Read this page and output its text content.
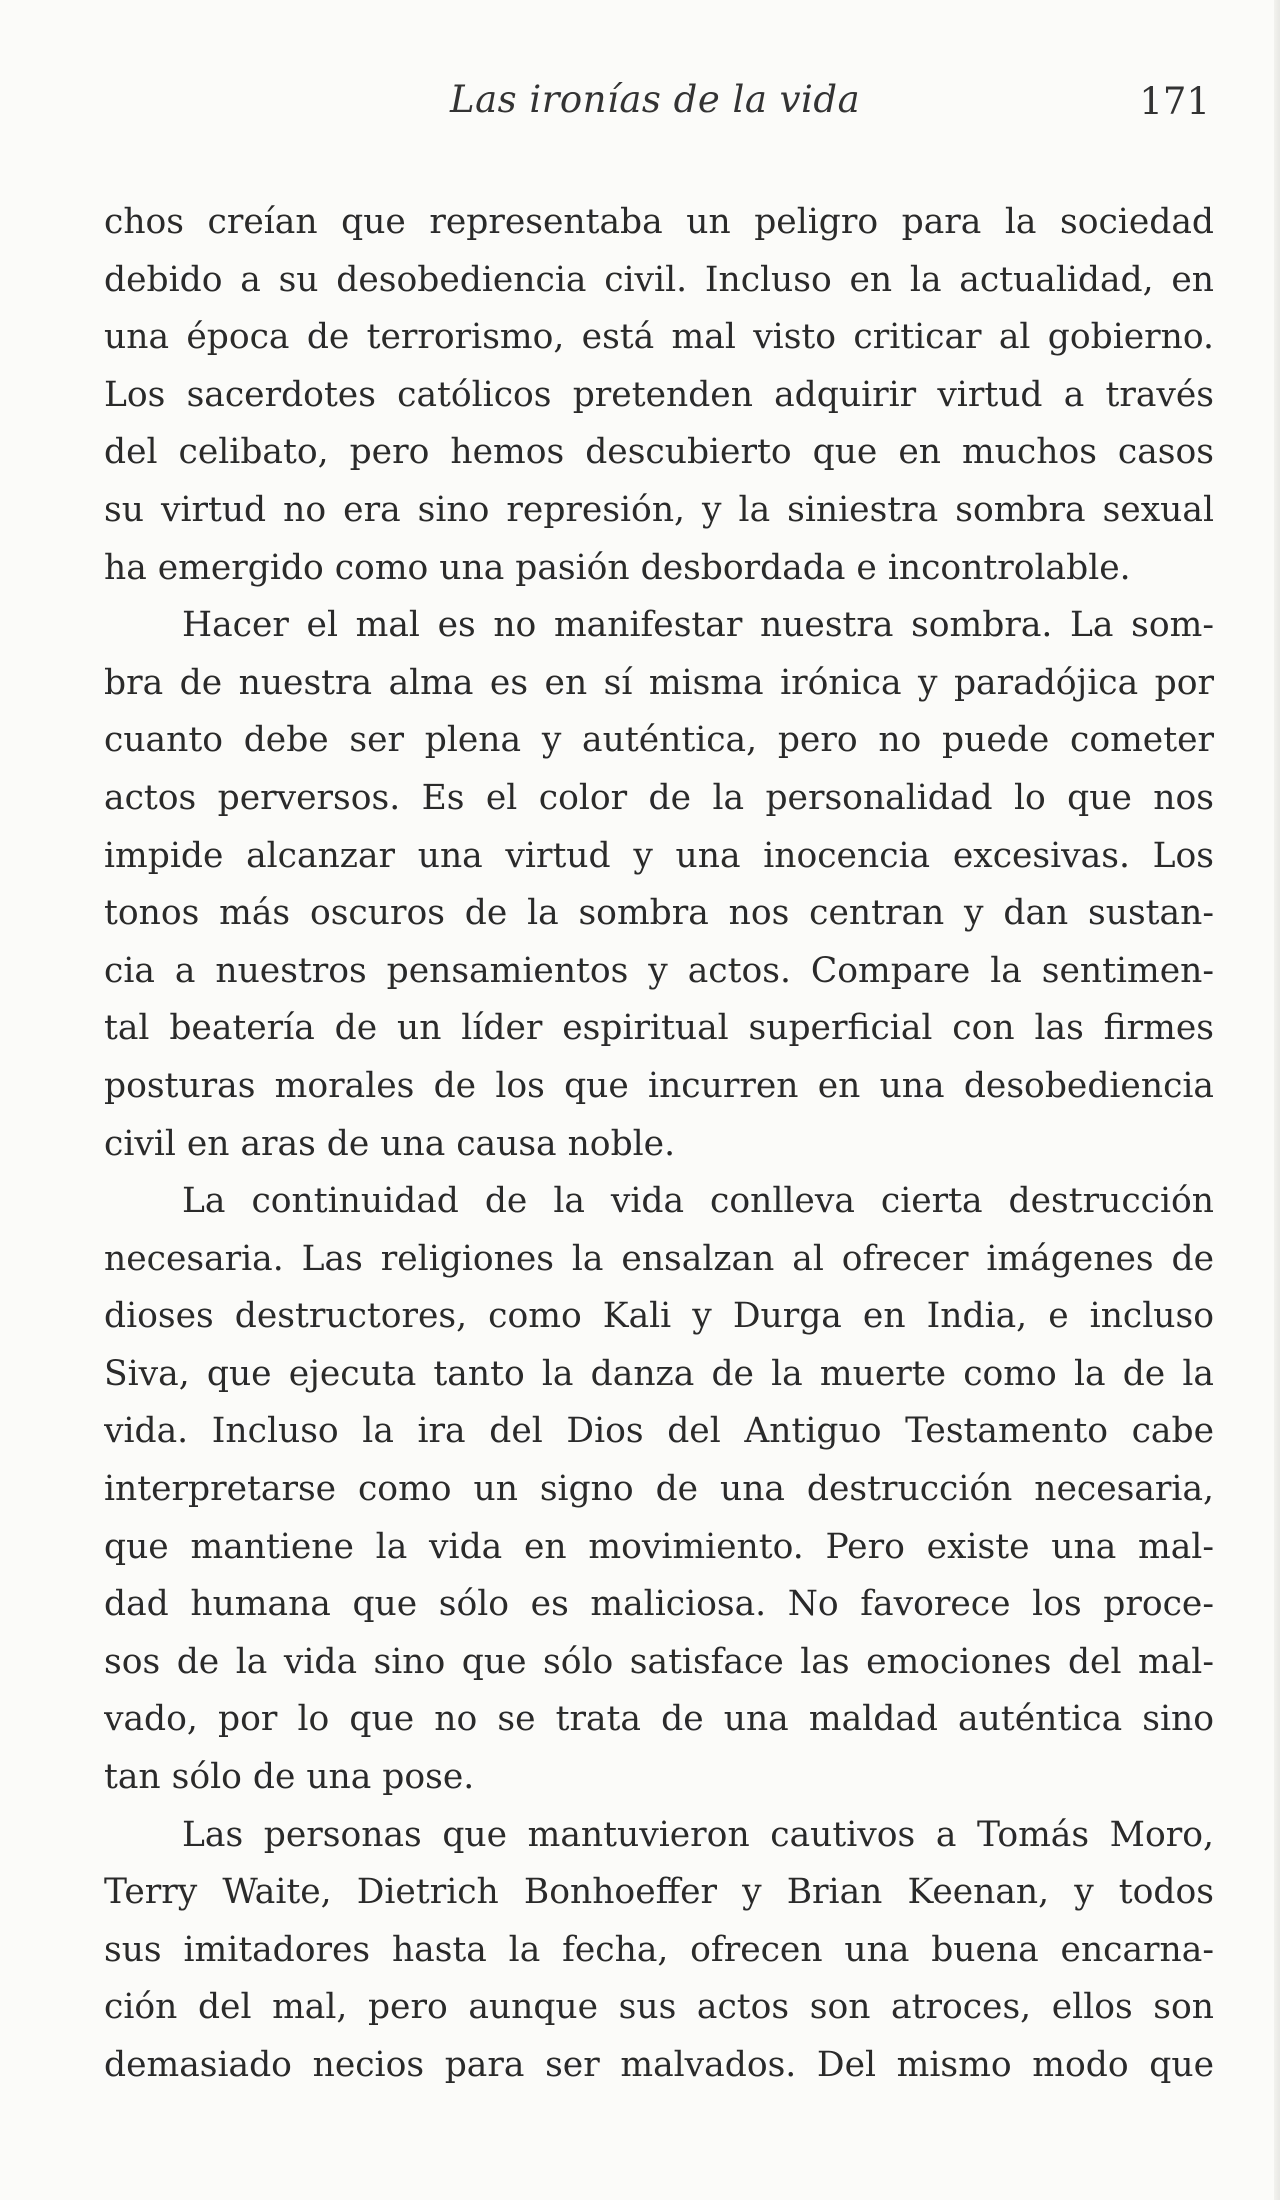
Las ironías de la vida	171
chos creían que representaba un peligro para la sociedad
debido a su desobediencia civil. Incluso en la actualidad, en
una época de terrorismo, está mal visto criticar al gobierno.
Los sacerdotes católicos pretenden adquirir virtud a través
del celibato, pero hemos descubierto que en muchos casos
su virtud no era sino represión, y la siniestra sombra sexual
ha emergido como una pasión desbordada e incontrolable.
Hacer el mal es no manifestar nuestra sombra. La som-
bra de nuestra alma es en sí misma irónica y paradójica por
cuanto debe ser plena y auténtica, pero no puede cometer
actos perversos. Es el color de la personalidad lo que nos
impide alcanzar una virtud y una inocencia excesivas. Los
tonos más oscuros de la sombra nos centran y dan sustan-
cia a nuestros pensamientos y actos. Compare la sentimen-
tal beatería de un líder espiritual superficial con las firmes
posturas morales de los que incurren en una desobediencia
civil en aras de una causa noble.
La continuidad de la vida conlleva cierta destrucción
necesaria. Las religiones la ensalzan al ofrecer imágenes de
dioses destructores, como Kali y Durga en India, e incluso
Siva, que ejecuta tanto la danza de la muerte como la de la
vida. Incluso la ira del Dios del Antiguo Testamento cabe
interpretarse como un signo de una destrucción necesaria,
que mantiene la vida en movimiento. Pero existe una mal-
dad humana que sólo es maliciosa. No favorece los proce-
sos de la vida sino que sólo satisface las emociones del mal-
vado, por lo que no se trata de una maldad auténtica sino
tan sólo de una pose.
Las personas que mantuvieron cautivos a Tomás Moro,
Terry Waite, Dietrich Bonhoeffer y Brian Keenan, y todos
sus imitadores hasta la fecha, ofrecen una buena encarna-
ción del mal, pero aunque sus actos son atroces, ellos son
demasiado necios para ser malvados. Del mismo modo que
